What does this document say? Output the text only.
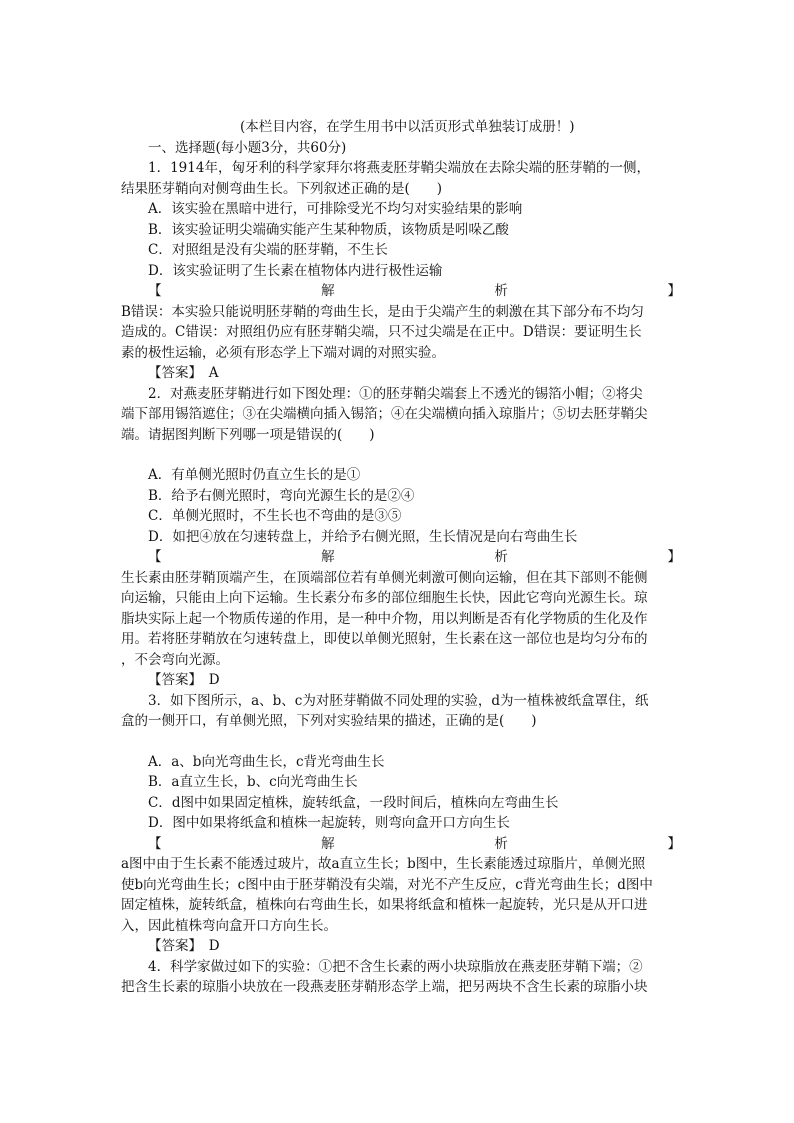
(本栏目内容，在学生用书中以活页形式单独装订成册！)
一、选择题(每小题3分，共60分)
1．1914年，匈牙利的科学家拜尔将燕麦胚芽鞘尖端放在去除尖端的胚芽鞘的一侧，
结果胚芽鞘向对侧弯曲生长。下列叙述正确的是(　　)
A．该实验在黑暗中进行，可排除受光不均匀对实验结果的影响
B．该实验证明尖端确实能产生某种物质，该物质是吲哚乙酸
C．对照组是没有尖端的胚芽鞘，不生长
D．该实验证明了生长素在植物体内进行极性运输
【	解	析	】
B错误：本实验只能说明胚芽鞘的弯曲生长，是由于尖端产生的刺激在其下部分布不均匀
造成的。C错误：对照组仍应有胚芽鞘尖端，只不过尖端是在正中。D错误：要证明生长
素的极性运输，必须有形态学上下端对调的对照实验。
【答案】　A
2．对燕麦胚芽鞘进行如下图处理：①的胚芽鞘尖端套上不透光的锡箔小帽；②将尖
端下部用锡箔遮住；③在尖端横向插入锡箔；④在尖端横向插入琼脂片；⑤切去胚芽鞘尖
端。请据图判断下列哪一项是错误的(　　)
A．有单侧光照时仍直立生长的是①
B．给予右侧光照时，弯向光源生长的是②④
C．单侧光照时，不生长也不弯曲的是③⑤
D．如把④放在匀速转盘上，并给予右侧光照，生长情况是向右弯曲生长
【	解	析	】
生长素由胚芽鞘顶端产生，在顶端部位若有单侧光刺激可侧向运输，但在其下部则不能侧
向运输，只能由上向下运输。生长素分布多的部位细胞生长快，因此它弯向光源生长。琼
脂块实际上起一个物质传递的作用，是一种中介物，用以判断是否有化学物质的生化及作
用。若将胚芽鞘放在匀速转盘上，即使以单侧光照射，生长素在这一部位也是均匀分布的
，不会弯向光源。
【答案】　D
3．如下图所示，a、b、c为对胚芽鞘做不同处理的实验，d为一植株被纸盒罩住，纸
盒的一侧开口，有单侧光照，下列对实验结果的描述，正确的是(　　)
A．a、b向光弯曲生长，c背光弯曲生长
B．a直立生长，b、c向光弯曲生长
C．d图中如果固定植株，旋转纸盒，一段时间后，植株向左弯曲生长
D．图中如果将纸盒和植株一起旋转，则弯向盒开口方向生长
【	解	析	】
a图中由于生长素不能透过玻片，故a直立生长；b图中，生长素能透过琼脂片，单侧光照
使b向光弯曲生长；c图中由于胚芽鞘没有尖端，对光不产生反应，c背光弯曲生长；d图中
固定植株，旋转纸盒，植株向右弯曲生长，如果将纸盒和植株一起旋转，光只是从开口进
入，因此植株弯向盒开口方向生长。
【答案】　D
4．科学家做过如下的实验：①把不含生长素的两小块琼脂放在燕麦胚芽鞘下端；②
把含生长素的琼脂小块放在一段燕麦胚芽鞘形态学上端，把另两块不含生长素的琼脂小块
